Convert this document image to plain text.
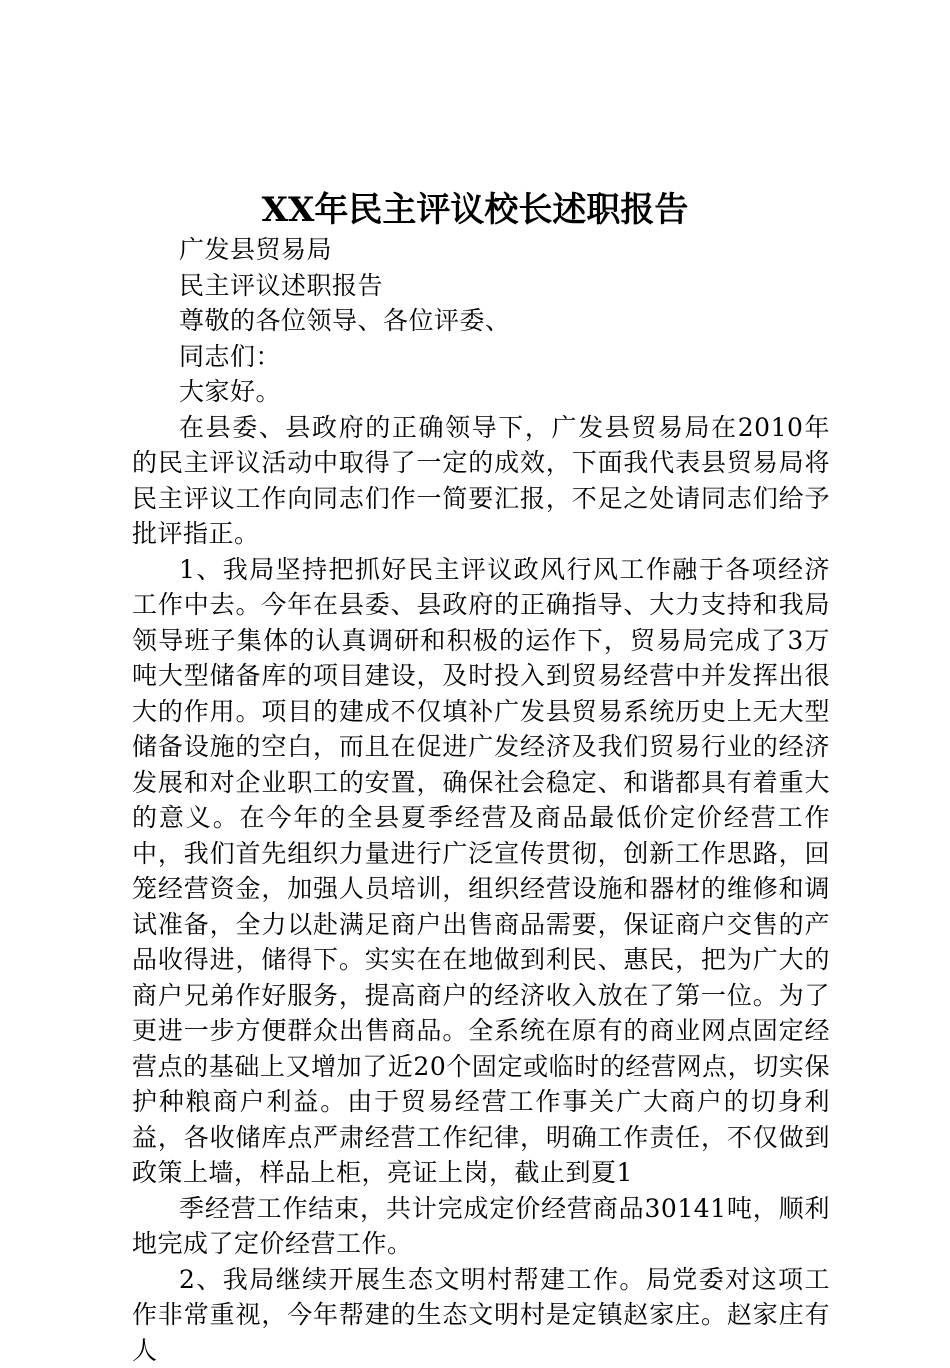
XX年民主评议校长述职报告

广发县贸易局

民主评议述职报告

尊敬的各位领导、各位评委、

同志们：

大家好。

在县委、县政府的正确领导下，广发县贸易局在2010年的民主评议活动中取得了一定的成效，下面我代表县贸易局将民主评议工作向同志们作一简要汇报，不足之处请同志们给予批评指正。

1、我局坚持把抓好民主评议政风行风工作融于各项经济工作中去。今年在县委、县政府的正确指导、大力支持和我局领导班子集体的认真调研和积极的运作下，贸易局完成了3万吨大型储备库的项目建设，及时投入到贸易经营中并发挥出很大的作用。项目的建成不仅填补广发县贸易系统历史上无大型储备设施的空白，而且在促进广发经济及我们贸易行业的经济发展和对企业职工的安置，确保社会稳定、和谐都具有着重大的意义。在今年的全县夏季经营及商品最低价定价经营工作中，我们首先组织力量进行广泛宣传贯彻，创新工作思路，回笼经营资金，加强人员培训，组织经营设施和器材的维修和调试准备，全力以赴满足商户出售商品需要，保证商户交售的产品收得进，储得下。实实在在地做到利民、惠民，把为广大的商户兄弟作好服务，提高商户的经济收入放在了第一位。为了更进一步方便群众出售商品。全系统在原有的商业网点固定经营点的基础上又增加了近20个固定或临时的经营网点，切实保护种粮商户利益。由于贸易经营工作事关广大商户的切身利益，各收储库点严肃经营工作纪律，明确工作责任，不仅做到政策上墙，样品上柜，亮证上岗，截止到夏1

季经营工作结束，共计完成定价经营商品30141吨，顺利地完成了定价经营工作。

2、我局继续开展生态文明村帮建工作。局党委对这项工作非常重视，今年帮建的生态文明村是定镇赵家庄。赵家庄有人
